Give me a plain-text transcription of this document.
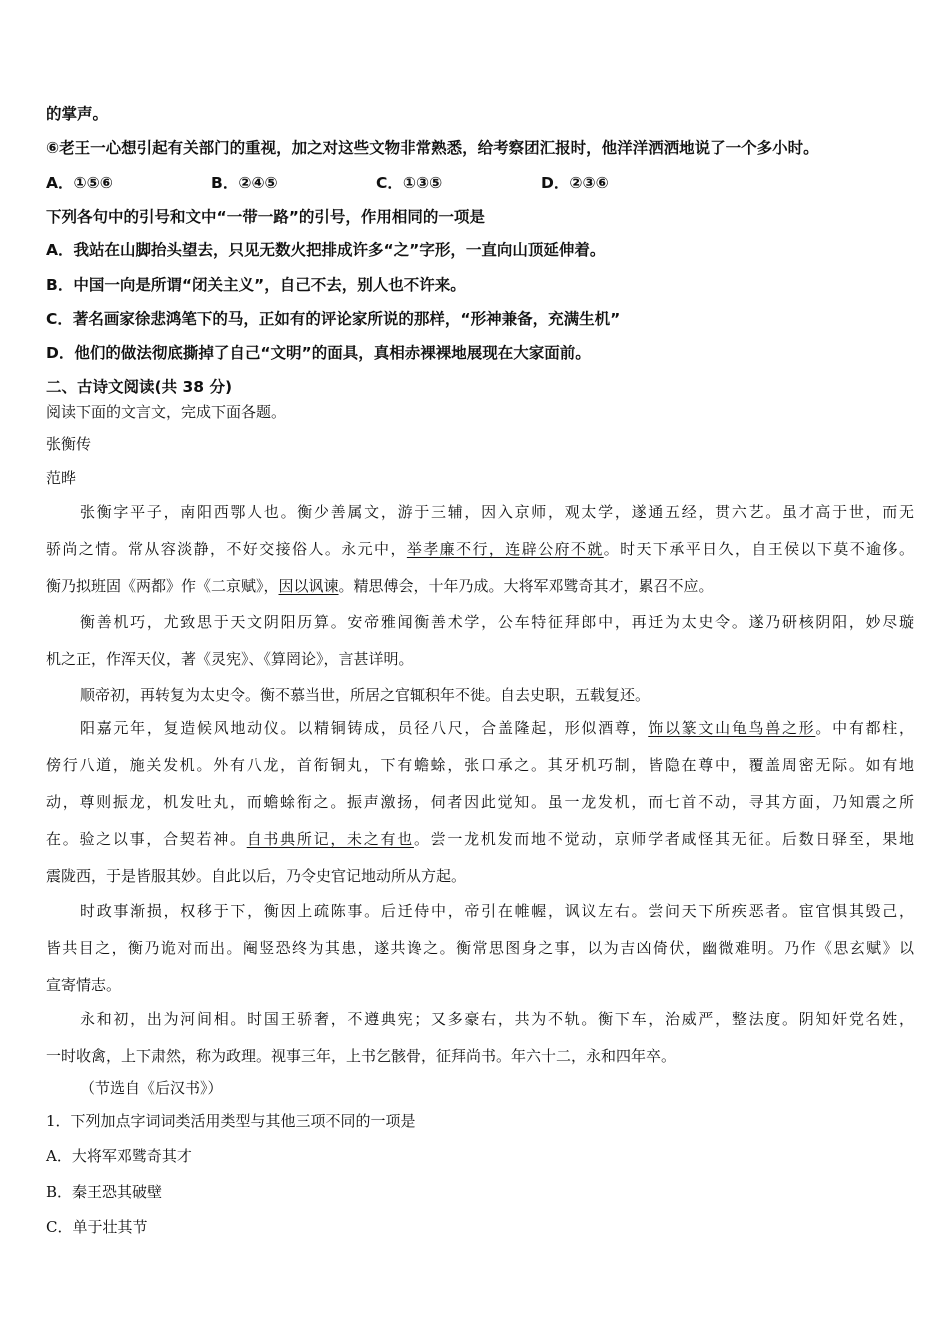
的掌声。
⑥老王一心想引起有关部门的重视，加之对这些文物非常熟悉，给考察团汇报时，他洋洋洒洒地说了一个多小时。
A．①⑤⑥	B．②④⑤	C．①③⑤	D．②③⑥
下列各句中的引号和文中“一带一路”的引号，作用相同的一项是
A．我站在山脚抬头望去，只见无数火把排成许多“之”字形，一直向山顶延伸着。
B．中国一向是所谓“闭关主义”，自己不去，别人也不许来。
C．著名画家徐悲鸿笔下的马，正如有的评论家所说的那样，“形神兼备，充满生机”
D．他们的做法彻底撕掉了自己“文明”的面具，真相赤裸裸地展现在大家面前。
二、古诗文阅读(共 38 分)
阅读下面的文言文，完成下面各题。
张衡传
范晔
张衡字平子，南阳西鄂人也。衡少善属文，游于三辅，因入京师，观太学，遂通五经，贯六艺。虽才高于世，而无
骄尚之情。常从容淡静，不好交接俗人。永元中，举孝廉不行，连辟公府不就。时天下承平日久，自王侯以下莫不逾侈。
衡乃拟班固《两都》作《二京赋》，因以讽谏。精思傅会，十年乃成。大将军邓骘奇其才，累召不应。
衡善机巧，尤致思于天文阴阳历算。安帝雅闻衡善术学，公车特征拜郎中，再迁为太史令。遂乃研核阴阳，妙尽璇
机之正，作浑天仪，著《灵宪》、《算罔论》，言甚详明。
顺帝初，再转复为太史令。衡不慕当世，所居之官辄积年不徙。自去史职，五载复还。
阳嘉元年，复造候风地动仪。以精铜铸成，员径八尺，合盖隆起，形似酒尊，饰以篆文山龟鸟兽之形。中有都柱，
傍行八道，施关发机。外有八龙，首衔铜丸，下有蟾蜍，张口承之。其牙机巧制，皆隐在尊中，覆盖周密无际。如有地
动，尊则振龙，机发吐丸，而蟾蜍衔之。振声激扬，伺者因此觉知。虽一龙发机，而七首不动，寻其方面，乃知震之所
在。验之以事，合契若神。自书典所记，未之有也。尝一龙机发而地不觉动，京师学者咸怪其无征。后数日驿至，果地
震陇西，于是皆服其妙。自此以后，乃令史官记地动所从方起。
时政事渐损，权移于下，衡因上疏陈事。后迁侍中，帝引在帷幄，讽议左右。尝问天下所疾恶者。宦官惧其毁己，
皆共目之，衡乃诡对而出。阉竖恐终为其患，遂共谗之。衡常思图身之事，以为吉凶倚伏，幽微难明。乃作《思玄赋》以
宣寄情志。
永和初，出为河间相。时国王骄奢，不遵典宪；又多豪右，共为不轨。衡下车，治威严，整法度。阴知奸党名姓，
一时收禽，上下肃然，称为政理。视事三年，上书乞骸骨，征拜尚书。年六十二，永和四年卒。
（节选自《后汉书》）
1．下列加点字词词类活用类型与其他三项不同的一项是
A．大将军邓骘奇其才
B．秦王恐其破壁
C．单于壮其节
